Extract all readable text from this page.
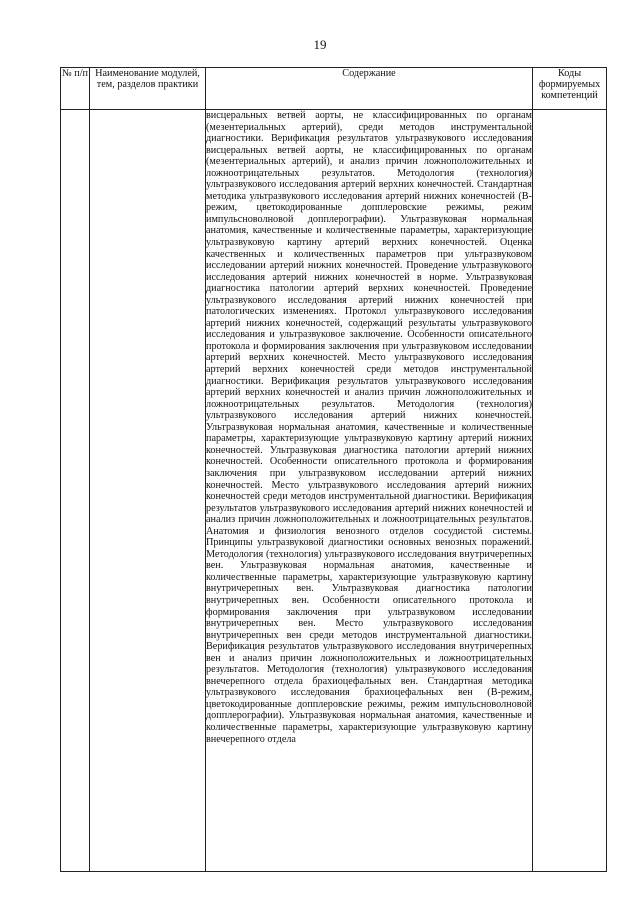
19
№ п/п	Наименование модулей, тем, разделов практики	Содержание	Коды формируемых компетенций

		висцеральных ветвей аорты, не классифицированных по органам (мезентериальных артерий), среди методов инструментальной диагностики. Верификация результатов ультразвукового исследования висцеральных ветвей аорты, не классифицированных по органам (мезентериальных артерий), и анализ причин ложноположительных и ложноотрицательных результатов. Методология (технология) ультразвукового исследования артерий верхних конечностей. Стандартная методика ультразвукового исследования артерий нижних конечностей (В-режим, цветокодированные допплеровские режимы, режим импульсноволновой допплерографии). Ультразвуковая нормальная анатомия, качественные и количественные параметры, характеризующие ультразвуковую картину артерий верхних конечностей. Оценка качественных и количественных параметров при ультразвуковом исследовании артерий нижних конечностей. Проведение ультразвукового исследования артерий нижних конечностей в норме. Ультразвуковая диагностика патологии артерий верхних конечностей. Проведение ультразвукового исследования артерий нижних конечностей при патологических изменениях. Протокол ультразвукового исследования артерий нижних конечностей, содержащий результаты ультразвукового исследования и ультразвуковое заключение. Особенности описательного протокола и формирования заключения при ультразвуковом исследовании артерий верхних конечностей. Место ультразвукового исследования артерий верхних конечностей среди методов инструментальной диагностики. Верификация результатов ультразвукового исследования артерий верхних конечностей и анализ причин ложноположительных и ложноотрицательных результатов. Методология (технология) ультразвукового исследования артерий нижних конечностей. Ультразвуковая нормальная анатомия, качественные и количественные параметры, характеризующие ультразвуковую картину артерий нижних конечностей. Ультразвуковая диагностика патологии артерий нижних конечностей. Особенности описательного протокола и формирования заключения при ультразвуковом исследовании артерий нижних конечностей. Место ультразвукового исследования артерий нижних конечностей среди методов инструментальной диагностики. Верификация результатов ультразвукового исследования артерий нижних конечностей и анализ причин ложноположительных и ложноотрицательных результатов. Анатомия и физиология венозного отделов сосудистой системы. Принципы ультразвуковой диагностики основных венозных поражений. Методология (технология) ультразвукового исследования внутричерепных вен. Ультразвуковая нормальная анатомия, качественные и количественные параметры, характеризующие ультразвуковую картину внутричерепных вен. Ультразвуковая диагностика патологии внутричерепных вен. Особенности описательного протокола и формирования заключения при ультразвуковом исследовании внутричерепных вен. Место ультразвукового исследования внутричерепных вен среди методов инструментальной диагностики. Верификация результатов ультразвукового исследования внутричерепных вен и анализ причин ложноположительных и ложноотрицательных результатов. Методология (технология) ультразвукового исследования внечерепного отдела брахиоцефальных вен. Стандартная методика ультразвукового исследования брахиоцефальных вен (В-режим, цветокодированные допплеровские режимы, режим импульсноволновой допплерографии). Ультразвуковая нормальная анатомия, качественные и количественные параметры, характеризующие ультразвуковую картину внечерепного отдела	
